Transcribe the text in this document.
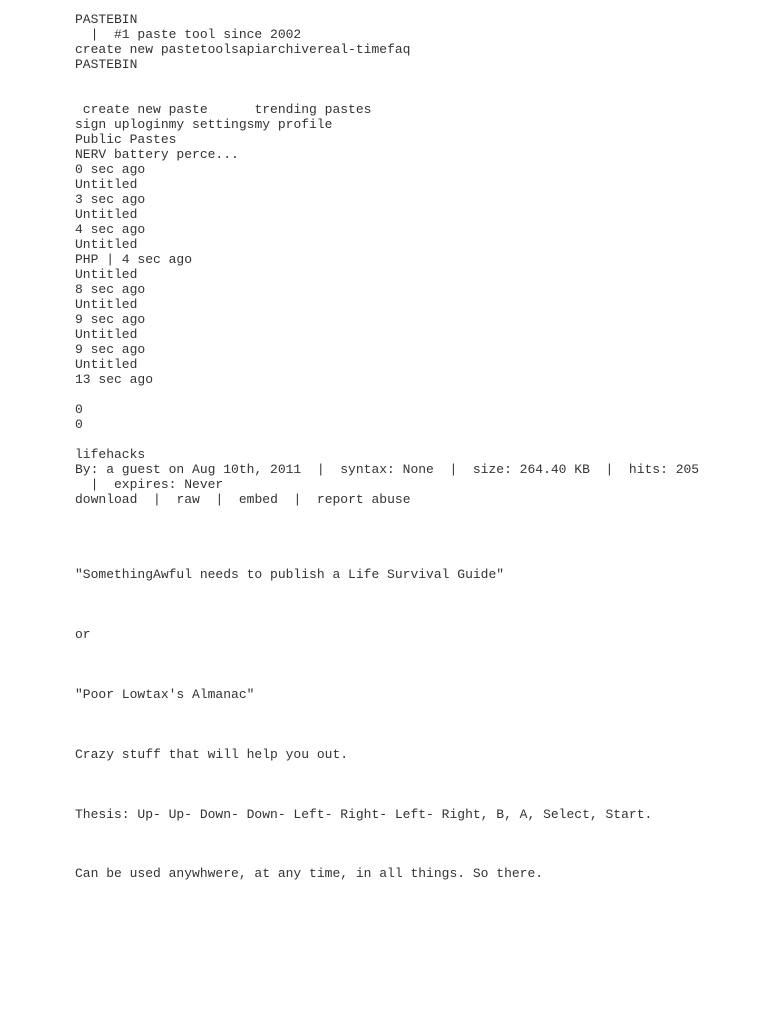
PASTEBIN
|  #1 paste tool since 2002
create new pastetoolsapiarchivereal-timefaq
PASTEBIN
create new paste	trending pastes
sign uploginmy settingsmy profile
Public Pastes
NERV battery perce...
0 sec ago
Untitled
3 sec ago
Untitled
4 sec ago
Untitled
PHP | 4 sec ago
Untitled
8 sec ago
Untitled
9 sec ago
Untitled
9 sec ago
Untitled
13 sec ago
0
0
lifehacks
By: a guest on Aug 10th, 2011  |  syntax: None  |  size: 264.40 KB  |  hits: 205
|  expires: Never
download  |  raw  |  embed  |  report abuse
"SomethingAwful needs to publish a Life Survival Guide"
or
"Poor Lowtax's Almanac"
Crazy stuff that will help you out.
Thesis: Up- Up- Down- Down- Left- Right- Left- Right, B, A, Select, Start.
Can be used anywhwere, at any time, in all things. So there.
